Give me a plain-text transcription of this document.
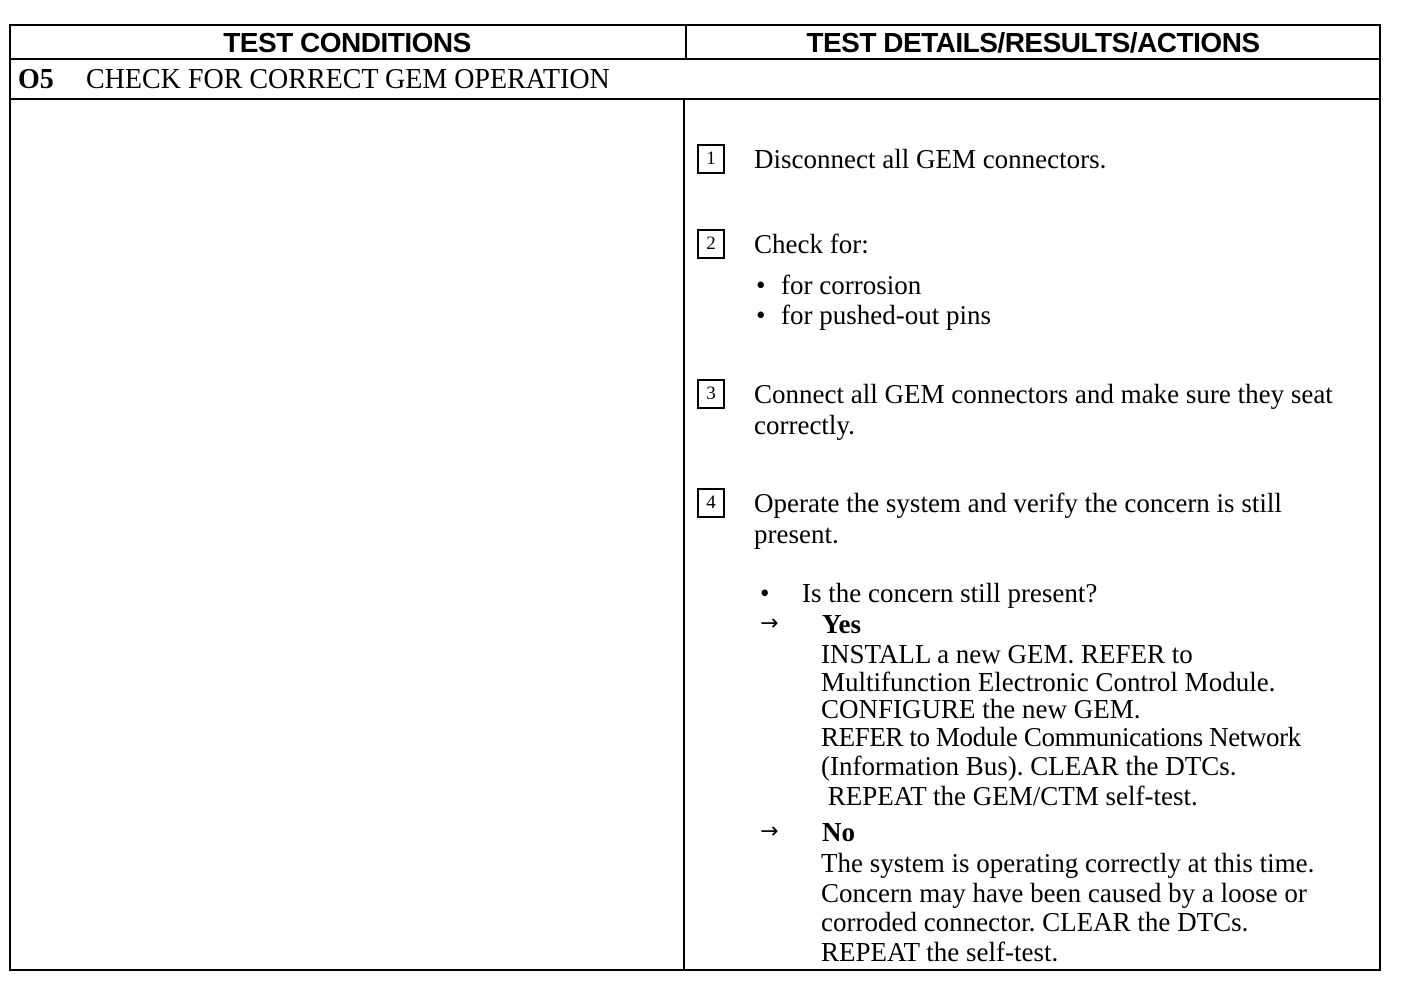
TEST CONDITIONS	TEST DETAILS/RESULTS/ACTIONS
O5 CHECK FOR CORRECT GEM OPERATION
1	Disconnect all GEM connectors.
2	Check for:
• for corrosion
• for pushed-out pins
3	Connect all GEM connectors and make sure they seat correctly.
4	Operate the system and verify the concern is still present.
• Is the concern still present?
→ Yes
INSTALL a new GEM. REFER to
Multifunction Electronic Control Module.
CONFIGURE the new GEM.
REFER to Module Communications Network
(Information Bus). CLEAR the DTCs.
REPEAT the GEM/CTM self-test.
→ No
The system is operating correctly at this time.
Concern may have been caused by a loose or
corroded connector. CLEAR the DTCs.
REPEAT the self-test.
